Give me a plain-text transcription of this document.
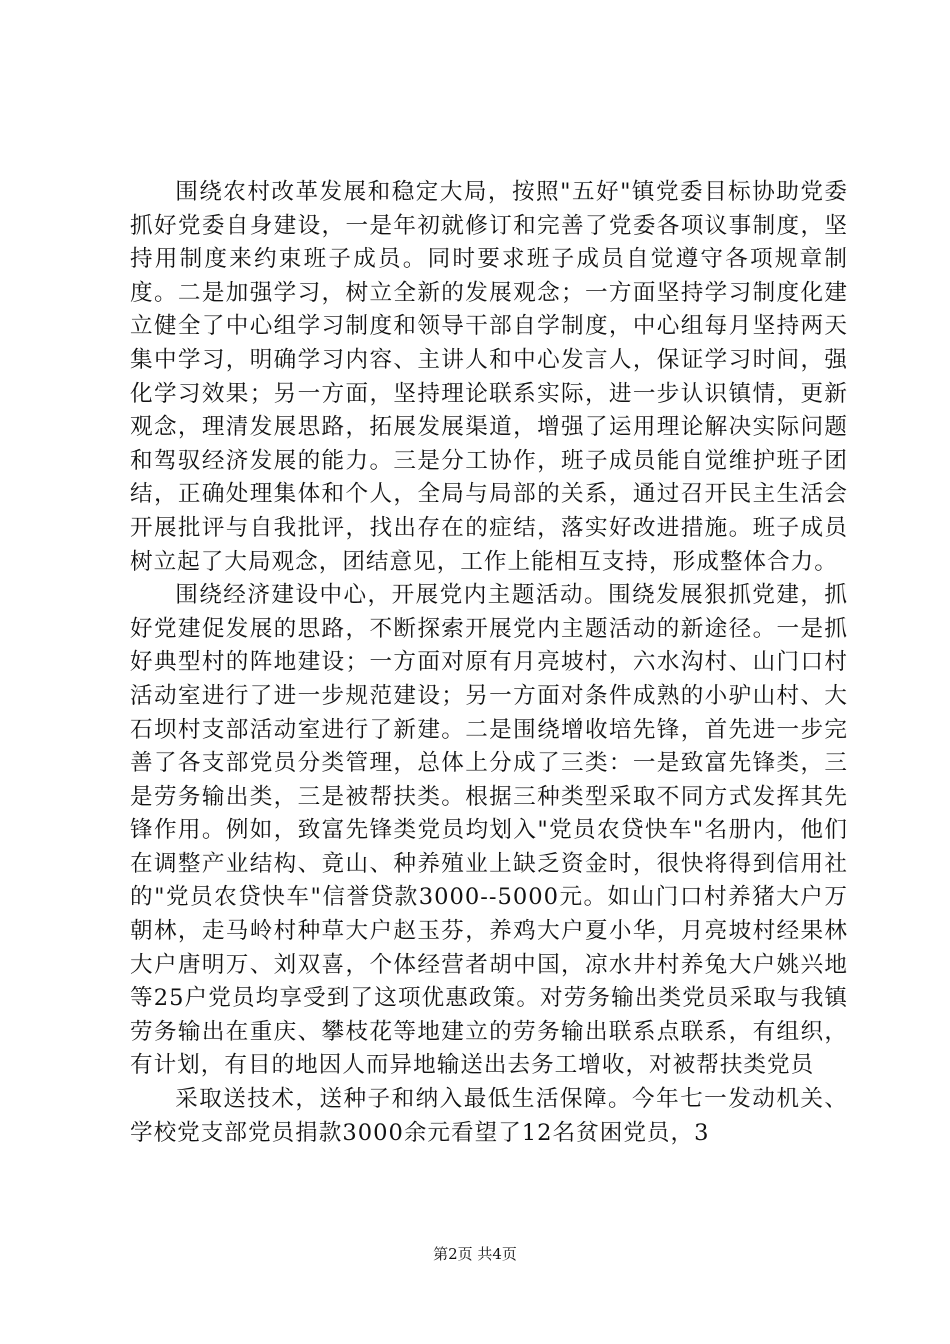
围绕农村改革发展和稳定大局，按照"五好"镇党委目标协助党委抓好党委自身建设，一是年初就修订和完善了党委各项议事制度，坚持用制度来约束班子成员。同时要求班子成员自觉遵守各项规章制度。二是加强学习，树立全新的发展观念；一方面坚持学习制度化建立健全了中心组学习制度和领导干部自学制度，中心组每月坚持两天集中学习，明确学习内容、主讲人和中心发言人，保证学习时间，强化学习效果；另一方面，坚持理论联系实际，进一步认识镇情，更新观念，理清发展思路，拓展发展渠道，增强了运用理论解决实际问题和驾驭经济发展的能力。三是分工协作，班子成员能自觉维护班子团结，正确处理集体和个人，全局与局部的关系，通过召开民主生活会开展批评与自我批评，找出存在的症结，落实好改进措施。班子成员树立起了大局观念，团结意见，工作上能相互支持，形成整体合力。

围绕经济建设中心，开展党内主题活动。围绕发展狠抓党建，抓好党建促发展的思路，不断探索开展党内主题活动的新途径。一是抓好典型村的阵地建设；一方面对原有月亮坡村，六水沟村、山门口村活动室进行了进一步规范建设；另一方面对条件成熟的小驴山村、大石坝村支部活动室进行了新建。二是围绕增收培先锋，首先进一步完善了各支部党员分类管理，总体上分成了三类：一是致富先锋类，三是劳务输出类，三是被帮扶类。根据三种类型采取不同方式发挥其先锋作用。例如，致富先锋类党员均划入"党员农贷快车"名册内，他们在调整产业结构、竟山、种养殖业上缺乏资金时，很快将得到信用社的"党员农贷快车"信誉贷款3000--5000元。如山门口村养猪大户万朝林，走马岭村种草大户赵玉芬，养鸡大户夏小华，月亮坡村经果林大户唐明万、刘双喜，个体经营者胡中国，凉水井村养兔大户姚兴地等25户党员均享受到了这项优惠政策。对劳务输出类党员采取与我镇劳务输出在重庆、攀枝花等地建立的劳务输出联系点联系，有组织，有计划，有目的地因人而异地输送出去务工增收，对被帮扶类党员

采取送技术，送种子和纳入最低生活保障。今年七一发动机关、学校党支部党员捐款3000余元看望了12名贫困党员，3

第2页 共4页
